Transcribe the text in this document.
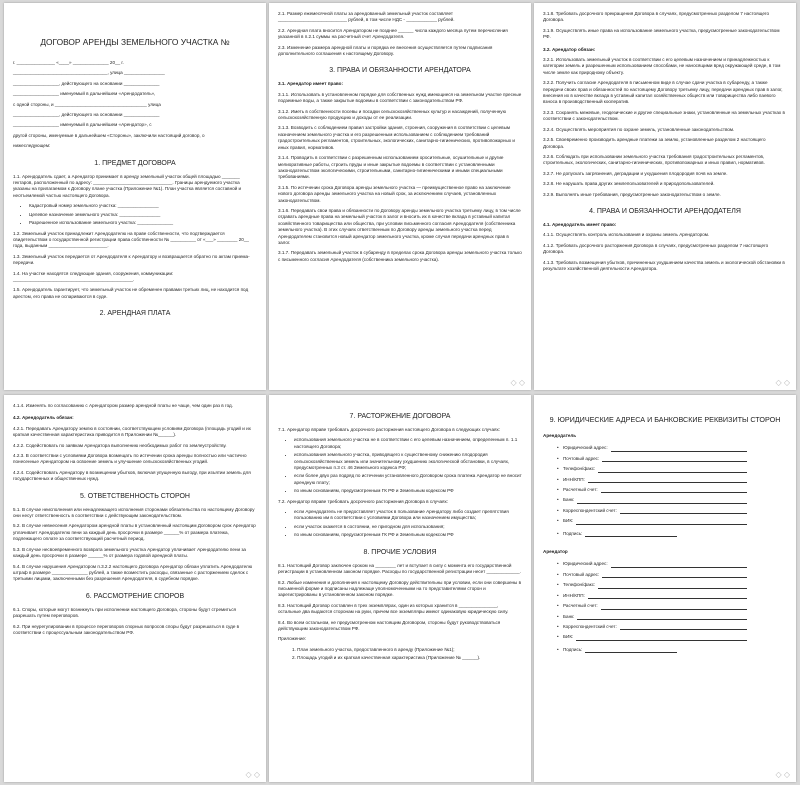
ДОГОВОР АРЕНДЫ ЗЕМЕЛЬНОГО УЧАСТКА №
г. _______________ «____» ______________ 20__ г.
_____________________________________, улица ________________
__________________, действующего на основании ______________
__________________ именуемый в дальнейшем «Арендодатель»,
с одной стороны, и ____________________________________ улица
__________________, действующего на основании ______________
__________________ именуемый в дальнейшем «Арендатор», с
другой стороны, именуемые в дальнейшем «Стороны», заключили настоящий договор, о
нижеследующем:
1. ПРЕДМЕТ ДОГОВОРА
1.1. Арендодатель сдает, а Арендатор принимает в аренду земельный участок общей площадью _______ гектаров, расположенный по адресу: _______________________________. Границы арендуемого участка указаны на прилагаемом к Договору плане участка (Приложение №1). План участка является составной и неотъемлемой частью настоящего Договора.
• Кадастровый номер земельного участка: ________________
• Целевое назначение земельного участка: ________________
• Разрешенное использование земельного участка: ______________
1.2. Земельный участок принадлежит Арендодателю на праве собственности, что подтверждается свидетельством о государственной регистрации права собственности № __________ от «___» ________ 20__ года, выданным _______________________.
1.3. Земельный участок передается от Арендодателя к Арендатору и возвращается обратно по актам приема-передачи.
1.4. На участке находятся следующие здания, сооружения, коммуникации: _______________________________________________.
1.5. Арендодатель гарантирует, что земельный участок не обременен правами третьих лиц, не находится под арестом, его права не оспариваются в суде.
2. АРЕНДНАЯ ПЛАТА
2.1. Размер ежемесячной платы за арендованный земельный участок составляет ___________________________ рублей, в том числе НДС - ____________ рублей.
2.2. Арендная плата вносится Арендатором не позднее ______ числа каждого месяца путем перечисления указанной в п.2.1 суммы на расчетный счет Арендодателя.
2.3. Изменение размера арендной платы и порядка ее внесения осуществляется путем подписания дополнительного соглашения к настоящему Договору.
3. ПРАВА И ОБЯЗАННОСТИ АРЕНДАТОРА
3.1. Арендатор имеет право:
3.1.1. Использовать в установленном порядке для собственных нужд имеющиеся на земельном участке пресные подземные воды, а также закрытые водоемы в соответствии с законодательством РФ.
3.1.2. Иметь в собственности посевы и посадки сельскохозяйственных культур и насаждений, полученную сельскохозяйственную продукцию и доходы от ее реализации.
3.1.3. Возводить с соблюдением правил застройки здания, строения, сооружения в соответствии с целевым назначением земельного участка и его разрешенным использованием с соблюдением требований градостроительных регламентов, строительных, экологических, санитарно-гигиенических, противопожарных и иных правил, нормативов.
3.1.4. Проводить в соответствии с разрешенным использованием оросительные, осушительные и другие мелиоративные работы, строить пруды и иные закрытые водоемы в соответствии с установленными законодательством экологическими, строительными, санитарно-гигиеническими и иными специальными требованиями.
3.1.5. По истечении срока Договора аренды земельного участка — преимущественное право на заключение нового договора аренды земельного участка на новый срок, за исключением случаев, установленных законодательством.
3.1.6. Передавать свои права и обязанности по Договору аренды земельного участка третьему лицу, в том числе отдавать арендные права на земельный участок в залог и вносить их в качестве вклада в уставный капитал хозяйственного товарищества или общества, при условии письменного согласия Арендодателя (собственника земельного участка). В этих случаях ответственным по Договору аренды земельного участка перед Арендодателем становится новый арендатор земельного участка, кроме случая передачи арендных прав в залог.
3.1.7. Передавать земельный участок в субаренду в пределах срока Договора аренды земельного участка только с письменного согласия Арендодателя (собственника земельного участка).
◇ ◇
3.1.8. Требовать досрочного прекращения Договора в случаях, предусмотренных разделом 7 настоящего Договора.
3.1.9. Осуществлять иные права на использование земельного участка, предусмотренные законодательством РФ.
3.2. Арендатор обязан:
3.2.1. Использовать земельный участок в соответствии с его целевым назначением и принадлежностью к категории земель и разрешенным использованием способами, не наносящими вред окружающей среде, в том числе земле как природному объекту.
3.2.2. Получить согласие Арендодателя в письменном виде в случае сдачи участка в субаренду, а также передачи своих прав и обязанностей по настоящему Договору третьему лицу, передачи арендных прав в залог, внесения их в качестве вклада в уставный капитал хозяйственных обществ или товарищества либо паевого взноса в производственный кооператив.
3.2.3. Сохранять межевые, геодезические и другие специальные знаки, установленные на земельных участках в соответствии с законодательством.
3.2.4. Осуществлять мероприятия по охране земель, установленные законодательством.
3.2.5. Своевременно производить арендные платежи за землю, установленные разделом 2 настоящего Договора.
3.2.6. Соблюдать при использовании земельного участка требования градостроительных регламентов, строительных, экологических, санитарно-гигиенических, противопожарных и иных правил, нормативов.
3.2.7. Не допускать загрязнения, деградации и ухудшения плодородия почв на земле.
3.2.8. Не нарушать права других землепользователей и природопользователей.
3.2.9. Выполнять иные требования, предусмотренные законодательством о земле.
4. ПРАВА И ОБЯЗАННОСТИ АРЕНДОДАТЕЛЯ
4.1. Арендодатель имеет право:
4.1.1. Осуществлять контроль использования и охраны земель Арендатором.
4.1.2. Требовать досрочного расторжения Договора в случаях, предусмотренных разделом 7 настоящего Договора.
4.1.3. Требовать возмещения убытков, причиненных ухудшением качества земель и экологической обстановки в результате хозяйственной деятельности Арендатора.
◇ ◇
4.1.4. Изменять по согласованию с Арендатором размер арендной платы не чаще, чем один раз в год.
4.2. Арендодатель обязан:
4.2.1. Передавать Арендатору землю в состоянии, соответствующем условиям Договора (площадь угодий и их краткая качественная характеристика приводится в Приложении №______).
4.2.2. Содействовать по заявкам Арендатора выполнению необходимых работ по землеустройству.
4.2.3. В соответствии с условиями Договора возмещать по истечении срока аренды полностью или частично понесенные Арендатором на освоение земель и улучшение сельскохозяйственных угодий.
4.2.4. Содействовать Арендатору в возмещении убытков, включая упущенную выгоду, при изъятии земель для государственных и общественных нужд.
5. ОТВЕТСТВЕННОСТЬ СТОРОН
5.1. В случае неисполнения или ненадлежащего исполнения сторонами обязательства по настоящему Договору они несут ответственность в соответствии с действующим законодательством.
5.2. В случае невнесения Арендатором арендной платы в установленный настоящим Договором срок Арендатор уплачивает Арендодателю пени за каждый день просрочки в размере ______% от размера платежа, подлежащего оплате за соответствующий расчетный период.
5.3. В случае несвоевременного возврата земельного участка Арендатор уплачивает Арендодателю пени за каждый день просрочки в размере ______% от размера годовой арендной платы.
5.4. В случае нарушения Арендатором п.3.2.2 настоящего Договора Арендатор обязан уплатить Арендодателю штраф в размере ______________ рублей, а также возместить расходы, связанные с расторжением сделок с третьими лицами, заключенными без разрешения Арендодателя, в судебном порядке.
6. РАССМОТРЕНИЕ СПОРОВ
6.1. Споры, которые могут возникнуть при исполнении настоящего Договора, стороны будут стремиться разрешать путем переговоров.
6.2. При неурегулировании в процессе переговоров спорных вопросов споры будут разрешаться в суде в соответствии с процессуальным законодательством РФ.
◇ ◇
7. РАСТОРЖЕНИЕ ДОГОВОРА
7.1. Арендатор вправе требовать досрочного расторжения настоящего Договора в следующих случаях:
• использования земельного участка не в соответствии с его целевым назначением, определенным п. 1.1 настоящего Договора;
• использования земельного участка, приводящего к существенному снижению плодородия сельскохозяйственных земель или значительному ухудшению экологической обстановки, в случаях, предусмотренных п.3 ст. 46 Земельного кодекса РФ;
• если более двух раз подряд по истечении установленного Договором срока платежа Арендатор не вносит арендную плату;
• по иным основаниям, предусмотренным ГК РФ и Земельным кодексом РФ
7.2. Арендатор вправе требовать досрочного расторжения Договора в случаях:
• если Арендодатель не предоставляет участок в пользование Арендатору либо создает препятствия пользованию им в соответствии с условиями Договора или назначением имущества;
• если участок окажется в состоянии, не пригодном для использования;
• по иным основаниям, предусмотренным ГК РФ и Земельным кодексом РФ
8. ПРОЧИЕ УСЛОВИЯ
8.1. Настоящий Договор заключен сроком на ________ лет и вступает в силу с момента его государственной регистрации в установленном законом порядке. Расходы по государственной регистрации несет _____________.
8.2. Любые изменения и дополнения к настоящему Договору действительны при условии, если они совершены в письменной форме и подписаны надлежаще уполномоченными на то представителями сторон и зарегистрированы в установленном законом порядке.
8.3. Настоящий Договор составлен в трех экземплярах, один из которых хранится в _______________, остальные два выдаются сторонам на руки, причем все экземпляры имеют одинаковую юридическую силу.
8.4. Во всем остальном, не предусмотренном настоящим Договором, стороны будут руководствоваться действующим законодательством РФ.
Приложение:
1. План земельного участка, предоставленного в аренду (Приложение №1);
2. Площадь угодий и их краткая качественная характеристика (Приложение № ______).
9. ЮРИДИЧЕСКИЕ АДРЕСА И БАНКОВСКИЕ РЕКВИЗИТЫ СТОРОН
Арендодатель
• Юридический адрес:
• Почтовый адрес:
• Телефон/факс:
• ИНН/КПП:
• Расчетный счет:
• Банк:
• Корреспондентский счет:
• БИК:
• Подпись:
Арендатор
• Юридический адрес:
• Почтовый адрес:
• Телефон/факс:
• ИНН/КПП:
• Расчетный счет:
• Банк:
• Корреспондентский счет:
• БИК:
• Подпись:
◇ ◇
